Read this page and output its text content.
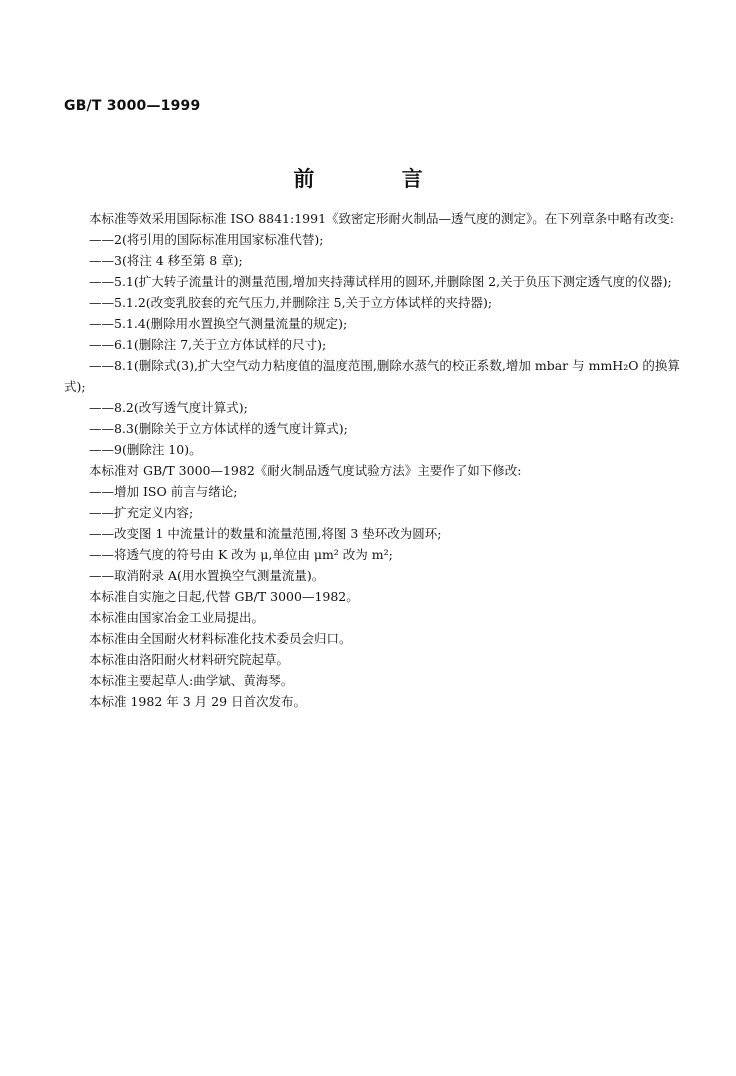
GB/T 3000—1999
前 言

本标准等效采用国际标准 ISO 8841:1991《致密定形耐火制品—透气度的测定》。在下列章条中略有改变:

——2(将引用的国际标准用国家标准代替);

——3(将注 4 移至第 8 章);

——5.1(扩大转子流量计的测量范围,增加夹持薄试样用的圆环,并删除图 2,关于负压下测定透气度的仪器);

——5.1.2(改变乳胶套的充气压力,并删除注 5,关于立方体试样的夹持器);

——5.1.4(删除用水置换空气测量流量的规定);

——6.1(删除注 7,关于立方体试样的尺寸);

——8.1(删除式(3),扩大空气动力粘度值的温度范围,删除水蒸气的校正系数,增加 mbar 与 mmH₂O 的换算式);

——8.2(改写透气度计算式);

——8.3(删除关于立方体试样的透气度计算式);

——9(删除注 10)。

本标准对 GB/T 3000—1982《耐火制品透气度试验方法》主要作了如下修改:

——增加 ISO 前言与绪论;

——扩充定义内容;

——改变图 1 中流量计的数量和流量范围,将图 3 垫环改为圆环;

——将透气度的符号由 K 改为 μ,单位由 μm² 改为 m²;

——取消附录 A(用水置换空气测量流量)。

本标准自实施之日起,代替 GB/T 3000—1982。

本标准由国家冶金工业局提出。

本标准由全国耐火材料标准化技术委员会归口。

本标准由洛阳耐火材料研究院起草。

本标准主要起草人:曲学斌、黄海琴。

本标准 1982 年 3 月 29 日首次发布。
